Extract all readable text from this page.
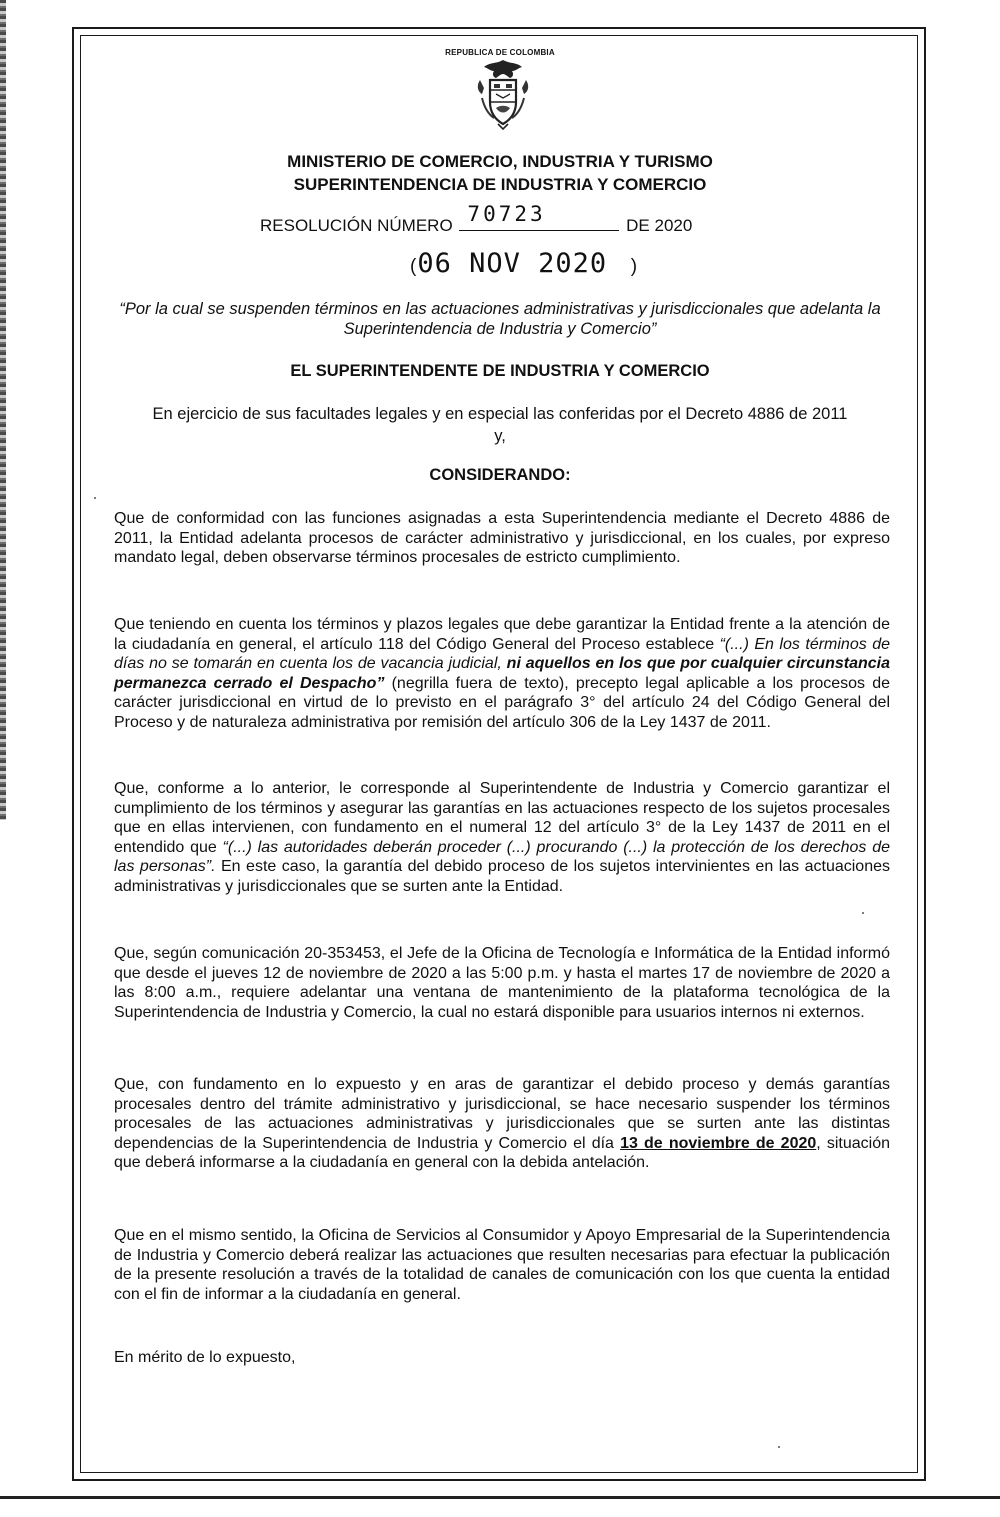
REPUBLICA DE COLOMBIA
MINISTERIO DE COMERCIO, INDUSTRIA Y TURISMO
SUPERINTENDENCIA DE INDUSTRIA Y COMERCIO
RESOLUCIÓN NÚMERO 70723	DE 2020
(06 NOV 2020  )
“Por la cual se suspenden términos en las actuaciones administrativas y jurisdiccionales que adelanta la Superintendencia de Industria y Comercio”
EL SUPERINTENDENTE DE INDUSTRIA Y COMERCIO
En ejercicio de sus facultades legales y en especial las conferidas por el Decreto 4886 de 2011
y,
CONSIDERANDO:
Que de conformidad con las funciones asignadas a esta Superintendencia mediante el Decreto 4886 de 2011, la Entidad adelanta procesos de carácter administrativo y jurisdiccional, en los cuales, por expreso mandato legal, deben observarse términos procesales de estricto cumplimiento.
Que teniendo en cuenta los términos y plazos legales que debe garantizar la Entidad frente a la atención de la ciudadanía en general, el artículo 118 del Código General del Proceso establece “(...) En los términos de días no se tomarán en cuenta los de vacancia judicial, ni aquellos en los que por cualquier circunstancia permanezca cerrado el Despacho” (negrilla fuera de texto), precepto legal aplicable a los procesos de carácter jurisdiccional en virtud de lo previsto en el parágrafo 3° del artículo 24 del Código General del Proceso y de naturaleza administrativa por remisión del artículo 306 de la Ley 1437 de 2011.
Que, conforme a lo anterior, le corresponde al Superintendente de Industria y Comercio garantizar el cumplimiento de los términos y asegurar las garantías en las actuaciones respecto de los sujetos procesales que en ellas intervienen, con fundamento en el numeral 12 del artículo 3° de la Ley 1437 de 2011 en el entendido que “(...) las autoridades deberán proceder (...) procurando (...) la protección de los derechos de las personas”. En este caso, la garantía del debido proceso de los sujetos intervinientes en las actuaciones administrativas y jurisdiccionales que se surten ante la Entidad.
Que, según comunicación 20-353453, el Jefe de la Oficina de Tecnología e Informática de la Entidad informó que desde el jueves 12 de noviembre de 2020 a las 5:00 p.m. y hasta el martes 17 de noviembre de 2020 a las 8:00 a.m., requiere adelantar una ventana de mantenimiento de la plataforma tecnológica de la Superintendencia de Industria y Comercio, la cual no estará disponible para usuarios internos ni externos.
Que, con fundamento en lo expuesto y en aras de garantizar el debido proceso y demás garantías procesales dentro del trámite administrativo y jurisdiccional, se hace necesario suspender los términos procesales de las actuaciones administrativas y jurisdiccionales que se surten ante las distintas dependencias de la Superintendencia de Industria y Comercio el día 13 de noviembre de 2020, situación que deberá informarse a la ciudadanía en general con la debida antelación.
Que en el mismo sentido, la Oficina de Servicios al Consumidor y Apoyo Empresarial de la Superintendencia de Industria y Comercio deberá realizar las actuaciones que resulten necesarias para efectuar la publicación de la presente resolución a través de la totalidad de canales de comunicación con los que cuenta la entidad con el fin de informar a la ciudadanía en general.
En mérito de lo expuesto,
